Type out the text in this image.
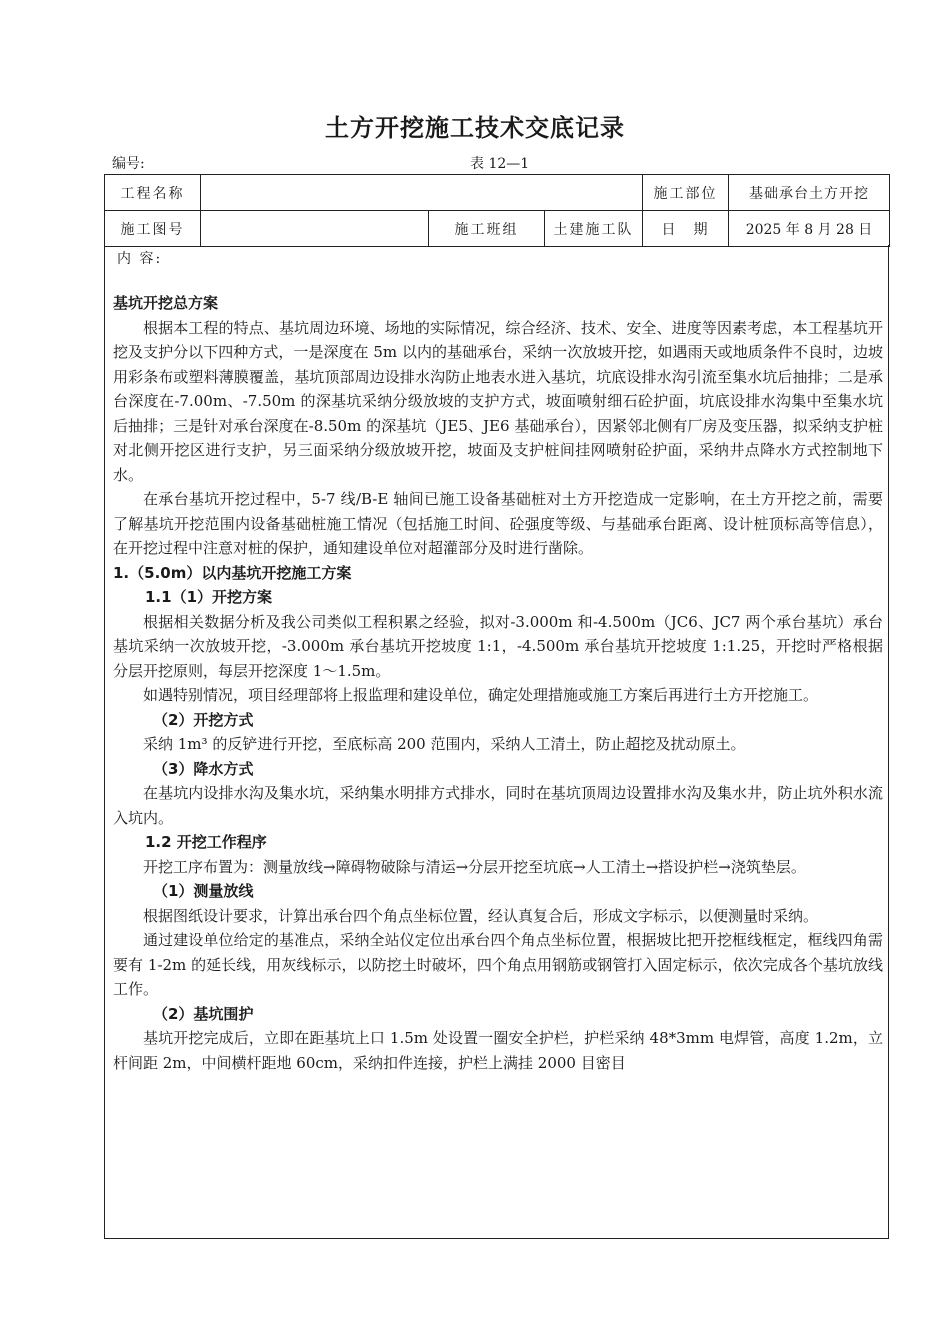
土方开挖施工技术交底记录
编号:	表 12—1
工程名称				施工部位	基础承台土方开挖
施工图号		施工班组	土建施工队	日　期	2025 年 8 月 28 日
内 容:
基坑开挖总方案

根据本工程的特点、基坑周边环境、场地的实际情况，综合经济、技术、安全、进度等因素考虑，本工程基坑开挖及支护分以下四种方式，一是深度在 5m 以内的基础承台，采纳一次放坡开挖，如遇雨天或地质条件不良时，边坡用彩条布或塑料薄膜覆盖，基坑顶部周边设排水沟防止地表水进入基坑，坑底设排水沟引流至集水坑后抽排；二是承台深度在-7.00m、-7.50m 的深基坑采纳分级放坡的支护方式，坡面喷射细石砼护面，坑底设排水沟集中至集水坑后抽排；三是针对承台深度在-8.50m 的深基坑（JE5、JE6 基础承台），因紧邻北侧有厂房及变压器，拟采纳支护桩对北侧开挖区进行支护，另三面采纳分级放坡开挖，坡面及支护桩间挂网喷射砼护面，采纳井点降水方式控制地下水。

在承台基坑开挖过程中，5-7 线/B-E 轴间已施工设备基础桩对土方开挖造成一定影响，在土方开挖之前，需要了解基坑开挖范围内设备基础桩施工情况（包括施工时间、砼强度等级、与基础承台距离、设计桩顶标高等信息），在开挖过程中注意对桩的保护，通知建设单位对超灌部分及时进行凿除。

1.（5.0m）以内基坑开挖施工方案
1.1（1）开挖方案

根据相关数据分析及我公司类似工程积累之经验，拟对-3.000m 和-4.500m（JC6、JC7 两个承台基坑）承台基坑采纳一次放坡开挖，-3.000m 承台基坑开挖坡度 1:1，-4.500m 承台基坑开挖坡度 1:1.25，开挖时严格根据分层开挖原则，每层开挖深度 1～1.5m。

如遇特别情况，项目经理部将上报监理和建设单位，确定处理措施或施工方案后再进行土方开挖施工。

（2）开挖方式

采纳 1m³ 的反铲进行开挖，至底标高 200 范围内，采纳人工清土，防止超挖及扰动原土。

（3）降水方式

在基坑内设排水沟及集水坑，采纳集水明排方式排水，同时在基坑顶周边设置排水沟及集水井，防止坑外积水流入坑内。

1.2 开挖工作程序

开挖工序布置为：测量放线→障碍物破除与清运→分层开挖至坑底→人工清土→搭设护栏→浇筑垫层。

（1）测量放线

根据图纸设计要求，计算出承台四个角点坐标位置，经认真复合后，形成文字标示，以便测量时采纳。

通过建设单位给定的基准点，采纳全站仪定位出承台四个角点坐标位置，根据坡比把开挖框线框定，框线四角需要有 1-2m 的延长线，用灰线标示，以防挖土时破坏，四个角点用钢筋或钢管打入固定标示，依次完成各个基坑放线工作。

（2）基坑围护

基坑开挖完成后，立即在距基坑上口 1.5m 处设置一圈安全护栏，护栏采纳 48*3mm 电焊管，高度 1.2m，立杆间距 2m，中间横杆距地 60cm，采纳扣件连接，护栏上满挂 2000 目密目
